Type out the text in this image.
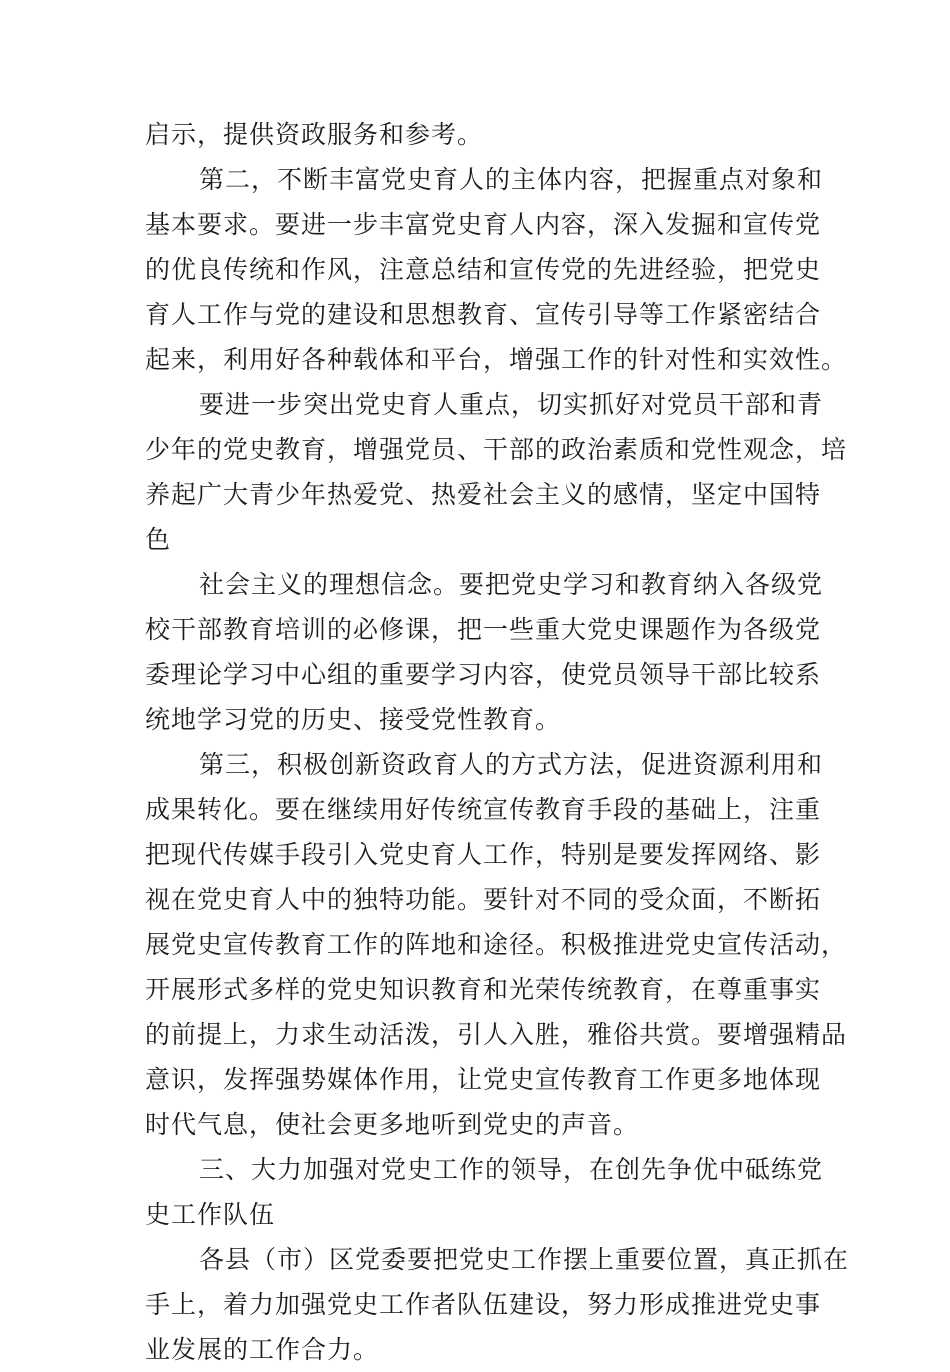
启示，提供资政服务和参考。
第二，不断丰富党史育人的主体内容，把握重点对象和
基本要求。要进一步丰富党史育人内容，深入发掘和宣传党
的优良传统和作风，注意总结和宣传党的先进经验，把党史
育人工作与党的建设和思想教育、宣传引导等工作紧密结合
起来，利用好各种载体和平台，增强工作的针对性和实效性。
要进一步突出党史育人重点，切实抓好对党员干部和青
少年的党史教育，增强党员、干部的政治素质和党性观念，培
养起广大青少年热爱党、热爱社会主义的感情，坚定中国特
色
社会主义的理想信念。要把党史学习和教育纳入各级党
校干部教育培训的必修课，把一些重大党史课题作为各级党
委理论学习中心组的重要学习内容，使党员领导干部比较系
统地学习党的历史、接受党性教育。
第三，积极创新资政育人的方式方法，促进资源利用和
成果转化。要在继续用好传统宣传教育手段的基础上，注重
把现代传媒手段引入党史育人工作，特别是要发挥网络、影
视在党史育人中的独特功能。要针对不同的受众面，不断拓
展党史宣传教育工作的阵地和途径。积极推进党史宣传活动，
开展形式多样的党史知识教育和光荣传统教育，在尊重事实
的前提上，力求生动活泼，引人入胜，雅俗共赏。要增强精品
意识，发挥强势媒体作用，让党史宣传教育工作更多地体现
时代气息，使社会更多地听到党史的声音。
三、大力加强对党史工作的领导，在创先争优中砥练党
史工作队伍
各县（市）区党委要把党史工作摆上重要位置，真正抓在
手上，着力加强党史工作者队伍建设，努力形成推进党史事
业发展的工作合力。
